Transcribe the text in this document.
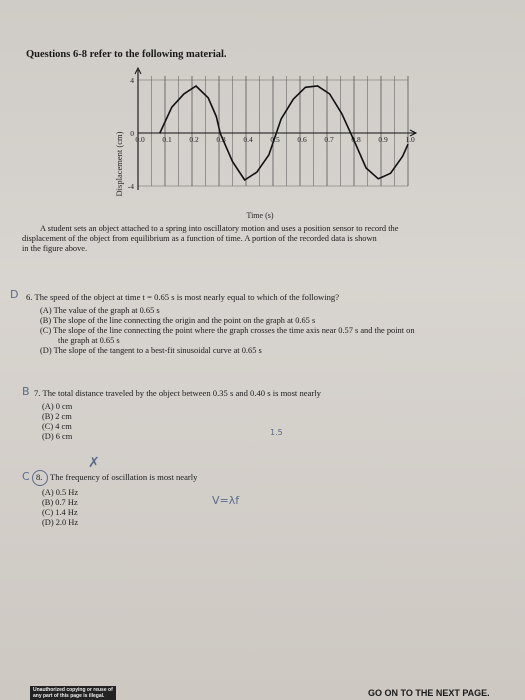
Questions 6-8 refer to the following material.
0.0 0.1 0.2 0.3 0.4 0.5 0.6 0.7 0.8 0.9 1.0
4
0
-4
Displacement (cm)
Time (s)
A student sets an object attached to a spring into oscillatory motion and uses a position sensor to record the
displacement of the object from equilibrium as a function of time. A portion of the recorded data is shown
in the figure above.
D 6. The speed of the object at time t = 0.65 s is most nearly equal to which of the following?
(A) The value of the graph at 0.65 s
(B) The slope of the line connecting the origin and the point on the graph at 0.65 s
(C) The slope of the line connecting the point where the graph crosses the time axis near 0.57 s and the point on
the graph at 0.65 s
(D) The slope of the tangent to a best-fit sinusoidal curve at 0.65 s
B 7. The total distance traveled by the object between 0.35 s and 0.40 s is most nearly
(A) 0 cm
(B) 2 cm
(C) 4 cm
(D) 6 cm	1.5
✗
C 8. The frequency of oscillation is most nearly
(A) 0.5 Hz
(B) 0.7 Hz
(C) 1.4 Hz
(D) 2.0 Hz
V=λf
Unauthorized copying or reuse of
any part of this page is illegal.	GO ON TO THE NEXT PAGE.
